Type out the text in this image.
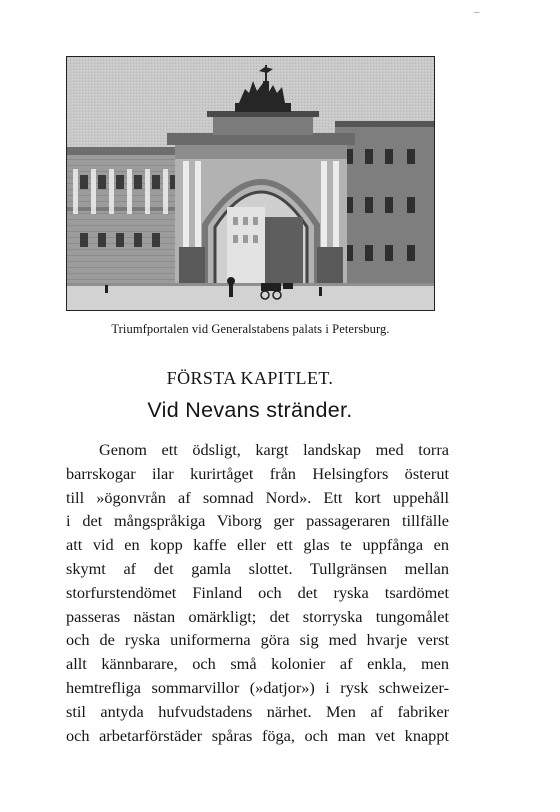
–
Triumfportalen vid Generalstabens palats i Petersburg.
FÖRSTA KAPITLET.
Vid Nevans stränder.
Genom ett ödsligt, kargt landskap med torra
barrskogar ilar kurirtåget från Helsingfors österut
till »ögonvrån af somnad Nord». Ett kort uppehåll
i det mångspråkiga Viborg ger passageraren tillfälle
att vid en kopp kaffe eller ett glas te uppfånga en
skymt af det gamla slottet. Tullgränsen mellan
storfurstendömet Finland och det ryska tsardömet
passeras nästan omärkligt; det storryska tungomålet
och de ryska uniformerna göra sig med hvarje verst
allt kännbarare, och små kolonier af enkla, men
hemtrefliga sommarvillor (»datjor») i rysk schweizer-
stil antyda hufvudstadens närhet. Men af fabriker
och arbetarförstäder spåras föga, och man vet knappt
